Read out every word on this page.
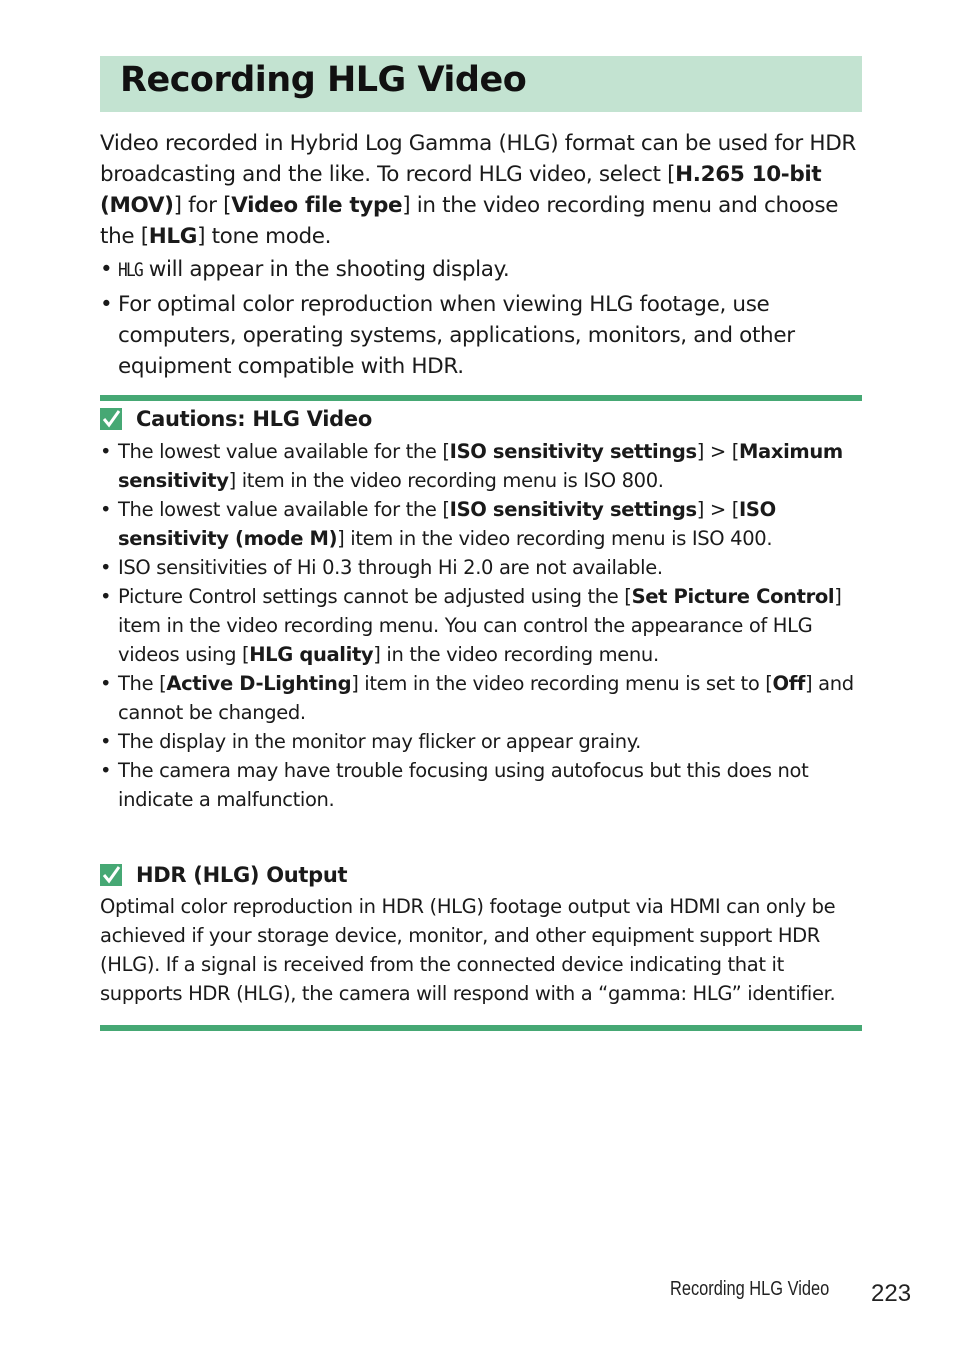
Recording HLG Video

Video recorded in Hybrid Log Gamma (HLG) format can be used for HDR broadcasting and the like. To record HLG video, select [H.265 10-bit (MOV)] for [Video file type] in the video recording menu and choose the [HLG] tone mode.

• HLG will appear in the shooting display.
• For optimal color reproduction when viewing HLG footage, use computers, operating systems, applications, monitors, and other equipment compatible with HDR.
Cautions: HLG Video
• The lowest value available for the [ISO sensitivity settings] > [Maximum sensitivity] item in the video recording menu is ISO 800.
• The lowest value available for the [ISO sensitivity settings] > [ISO sensitivity (mode M)] item in the video recording menu is ISO 400.
• ISO sensitivities of Hi 0.3 through Hi 2.0 are not available.
• Picture Control settings cannot be adjusted using the [Set Picture Control] item in the video recording menu. You can control the appearance of HLG videos using [HLG quality] in the video recording menu.
• The [Active D-Lighting] item in the video recording menu is set to [Off] and cannot be changed.
• The display in the monitor may flicker or appear grainy.
• The camera may have trouble focusing using autofocus but this does not indicate a malfunction.
HDR (HLG) Output

Optimal color reproduction in HDR (HLG) footage output via HDMI can only be achieved if your storage device, monitor, and other equipment support HDR (HLG). If a signal is received from the connected device indicating that it supports HDR (HLG), the camera will respond with a “gamma: HLG” identifier.

Recording HLG Video 223
